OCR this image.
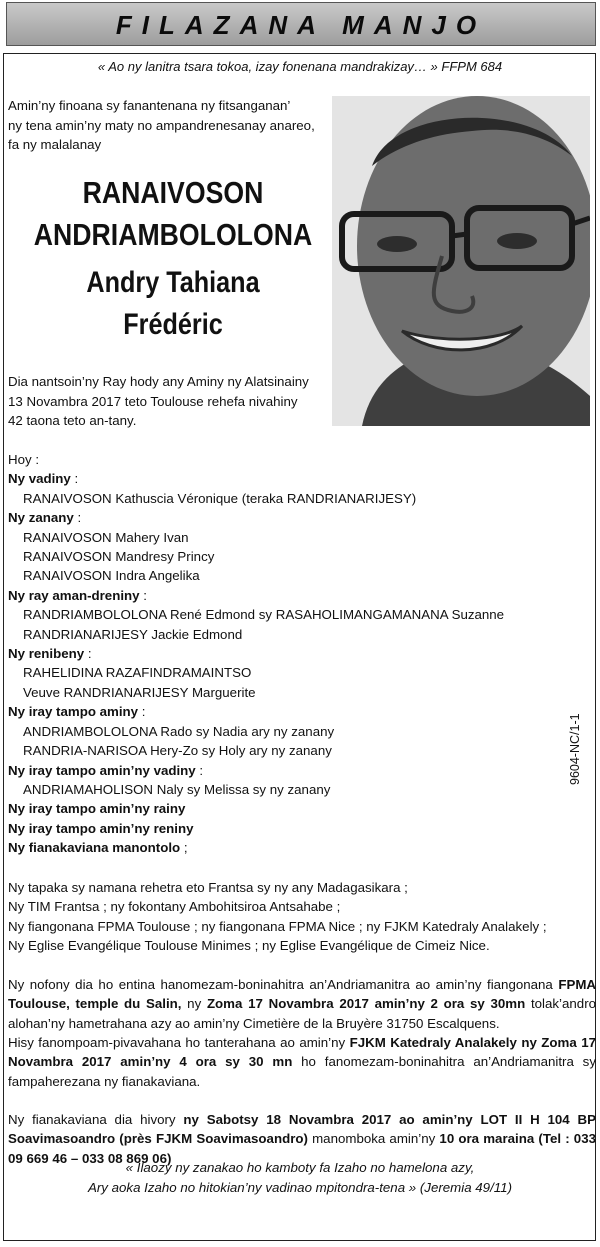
FILAZANA MANJO
« Ao ny lanitra tsara tokoa, izay fonenana mandrakizay… » FFPM 684
Amin’ny finoana sy fanantenana ny fitsanganan’
ny tena amin’ny maty no ampandrenesanay anareo,
fa ny malalanay
RANAIVOSON
ANDRIAMBOLOLONA
Andry Tahiana
Frédéric
Dia nantsoin’ny Ray hody any Aminy ny Alatsinainy
13 Novambra 2017 teto Toulouse rehefa nivahiny
42 taona teto an-tany.
Hoy :
Ny vadiny :
RANAIVOSON Kathuscia Véronique (teraka RANDRIANARIJESY)
Ny zanany :
RANAIVOSON Mahery Ivan
RANAIVOSON Mandresy Princy
RANAIVOSON Indra Angelika
Ny ray aman-dreniny :
RANDRIAMBOLOLONA René Edmond sy RASAHOLIMANGAMANANA Suzanne
RANDRIANARIJESY Jackie Edmond
Ny renibeny :
RAHELIDINA RAZAFINDRAMAINTSO
Veuve RANDRIANARIJESY Marguerite
Ny iray tampo aminy :
ANDRIAMBOLOLONA Rado sy Nadia ary ny zanany
RANDRIA-NARISOA Hery-Zo sy Holy ary ny zanany
Ny iray tampo amin’ny vadiny :
ANDRIAMAHOLISON Naly sy Melissa sy ny zanany
Ny iray tampo amin’ny rainy
Ny iray tampo amin’ny reniny
Ny fianakaviana manontolo ;
9604-NC/1-1
Ny tapaka sy namana rehetra eto Frantsa sy ny any Madagasikara ;
Ny TIM Frantsa ; ny fokontany Ambohitsiroa Antsahabe ;
Ny fiangonana FPMA Toulouse ; ny fiangonana FPMA Nice ; ny FJKM Katedraly Analakely ;
Ny Eglise Evangélique Toulouse Minimes ; ny Eglise Evangélique de Cimeiz Nice.
Ny nofony dia ho entina hanomezam-boninahitra an’Andriamanitra ao amin’ny fiangonana FPMA Toulouse, temple du Salin, ny Zoma 17 Novambra 2017 amin’ny 2 ora sy 30mn tolak’andro alohan’ny hametrahana azy ao amin’ny Cimetière de la Bruyère 31750 Escalquens.
Hisy fanompoam-pivavahana ho tanterahana ao amin’ny FJKM Katedraly Analakely ny Zoma 17 Novambra 2017 amin’ny 4 ora sy 30 mn ho fanomezam-boninahitra an’Andriamanitra sy fampaherezana ny fianakaviana.
Ny fianakaviana dia hivory ny Sabotsy 18 Novambra 2017 ao amin’ny LOT II H 104 BP Soavimasoandro (près FJKM Soavimasoandro) manomboka amin’ny 10 ora maraina (Tel : 033 09 669 46 – 033 08 869 06)
« Ilaozy ny zanakao ho kamboty fa Izaho no hamelona azy,
Ary aoka Izaho no hitokian’ny vadinao mpitondra-tena » (Jeremia 49/11)
